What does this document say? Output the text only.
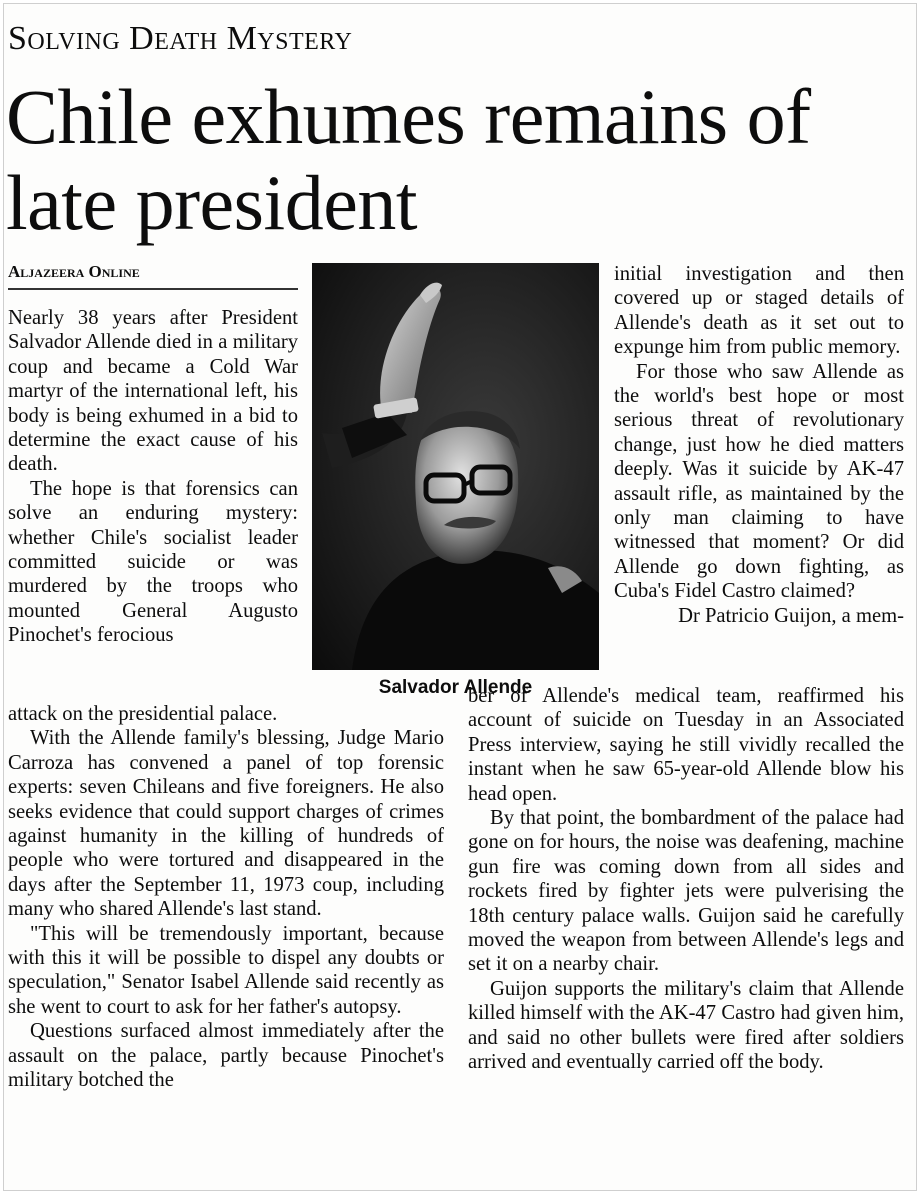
Solving Death Mystery
Chile exhumes remains of late president
Aljazeera Online

Nearly 38 years after President Salvador Allende died in a military coup and became a Cold War martyr of the international left, his body is being exhumed in a bid to determine the exact cause of his death.

The hope is that forensics can solve an enduring mystery: whether Chile's socialist leader committed suicide or was murdered by the troops who mounted General Augusto Pinochet's ferocious

Salvador Allende

attack on the presidential palace.

With the Allende family's blessing, Judge Mario Carroza has convened a panel of top forensic experts: seven Chileans and five foreigners. He also seeks evidence that could support charges of crimes against humanity in the killing of hundreds of people who were tortured and disappeared in the days after the September 11, 1973 coup, including many who shared Allende's last stand.

"This will be tremendously important, because with this it will be possible to dispel any doubts or speculation," Senator Isabel Allende said recently as she went to court to ask for her father's autopsy.

Questions surfaced almost immediately after the assault on the palace, partly because Pinochet's military botched the

initial investigation and then covered up or staged details of Allende's death as it set out to expunge him from public memory.

For those who saw Allende as the world's best hope or most serious threat of revolutionary change, just how he died matters deeply. Was it suicide by AK-47 assault rifle, as maintained by the only man claiming to have witnessed that moment? Or did Allende go down fighting, as Cuba's Fidel Castro claimed?

Dr Patricio Guijon, a mem-

ber of Allende's medical team, reaffirmed his account of suicide on Tuesday in an Associated Press interview, saying he still vividly recalled the instant when he saw 65-year-old Allende blow his head open.

By that point, the bombardment of the palace had gone on for hours, the noise was deafening, machine gun fire was coming down from all sides and rockets fired by fighter jets were pulverising the 18th century palace walls. Guijon said he carefully moved the weapon from between Allende's legs and set it on a nearby chair.

Guijon supports the military's claim that Allende killed himself with the AK-47 Castro had given him, and said no other bullets were fired after soldiers arrived and eventually carried off the body.
